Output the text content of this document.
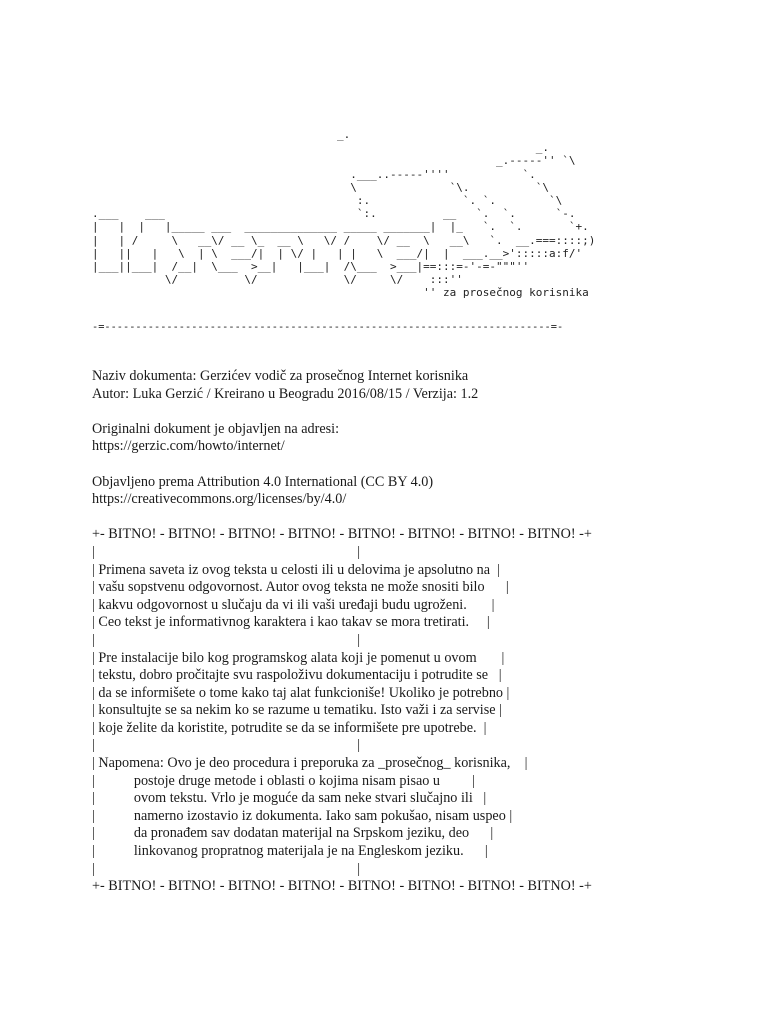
_.
_.
_.-----'' `\
.___..-----''''           `.
\              `\.          `\
:.              `. `.        `\
.___    ___                             `:.          __   `.  `.      `-.
|   |  |   |_____ ___  ______________ _____ _______|  |_   `.  `.       `+.
|   | /     \   __\/ __ \_  __ \   \/ /    \/ __  \   __\   `.  __.===::::;)
|   ||   |   \  | \  ___/|  | \/ |   | |   \  ___/|  |  ___.__>':::::a:f/'
|___||___|  /__|  \___  >__|   |___|  /\___  >___|==:::=-'-=-"""''
\/          \/             \/     \/    :::''
'' za prosečnog korisnika
-=------------------------------------------------------------------------=-
Naziv dokumenta: Gerzićev vodič za prosečnog Internet korisnika
Autor: Luka Gerzić / Kreirano u Beogradu 2016/08/15 / Verzija: 1.2
Originalni dokument je objavljen na adresi:
https://gerzic.com/howto/internet/
Objavljeno prema Attribution 4.0 International (CC BY 4.0)
https://creativecommons.org/licenses/by/4.0/
+- BITNO! - BITNO! - BITNO! - BITNO! - BITNO! - BITNO! - BITNO! - BITNO! -+
|                                                                          |
| Primena saveta iz ovog teksta u celosti ili u delovima je apsolutno na  |
| vašu sopstvenu odgovornost. Autor ovog teksta ne može snositi bilo      |
| kakvu odgovornost u slučaju da vi ili vaši uređaji budu ugroženi.       |
| Ceo tekst je informativnog karaktera i kao takav se mora tretirati.     |
|                                                                          |
| Pre instalacije bilo kog programskog alata koji je pomenut u ovom       |
| tekstu, dobro pročitajte svu raspoloživu dokumentaciju i potrudite se   |
| da se informišete o tome kako taj alat funkcioniše! Ukoliko je potrebno |
| konsultujte se sa nekim ko se razume u tematiku. Isto važi i za servise |
| koje želite da koristite, potrudite se da se informišete pre upotrebe.  |
|                                                                          |
| Napomena: Ovo je deo procedura i preporuka za _prosečnog_ korisnika,    |
|           postoje druge metode i oblasti o kojima nisam pisao u         |
|           ovom tekstu. Vrlo je moguće da sam neke stvari slučajno ili   |
|           namerno izostavio iz dokumenta. Iako sam pokušao, nisam uspeo |
|           da pronađem sav dodatan materijal na Srpskom jeziku, deo      |
|           linkovanog propratnog materijala je na Engleskom jeziku.      |
|                                                                          |
+- BITNO! - BITNO! - BITNO! - BITNO! - BITNO! - BITNO! - BITNO! - BITNO! -+
